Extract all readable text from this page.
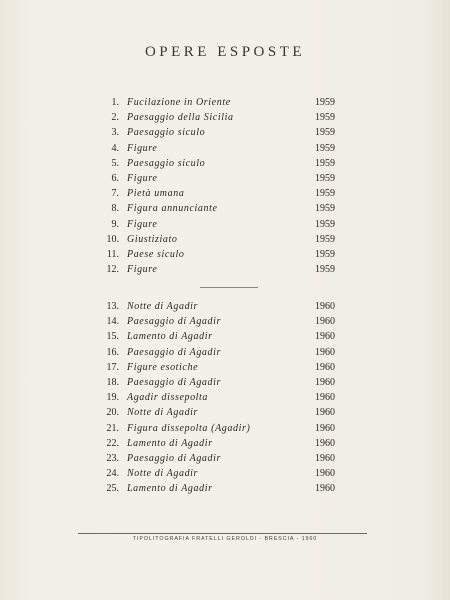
OPERE ESPOSTE
1. Fucilazione in Oriente	1959
2. Paesaggio della Sicilia	1959
3. Paesaggio siculo	1959
4. Figure	1959
5. Paesaggio siculo	1959
6. Figure	1959
7. Pietà umana	1959
8. Figura annunciante	1959
9. Figure	1959
10. Giustiziato	1959
11. Paese siculo	1959
12. Figure	1959
13. Notte di Agadir	1960
14. Paesaggio di Agadir	1960
15. Lamento di Agadir	1960
16. Paesaggio di Agadir	1960
17. Figure esotiche	1960
18. Paesaggio di Agadir	1960
19. Agadir dissepolta	1960
20. Notte di Agadir	1960
21. Figura dissepolta (Agadir)	1960
22. Lamento di Agadir	1960
23. Paesaggio di Agadir	1960
24. Notte di Agadir	1960
25. Lamento di Agadir	1960
TIPOLITOGRAFIA FRATELLI GEROLDI - BRESCIA - 1960
